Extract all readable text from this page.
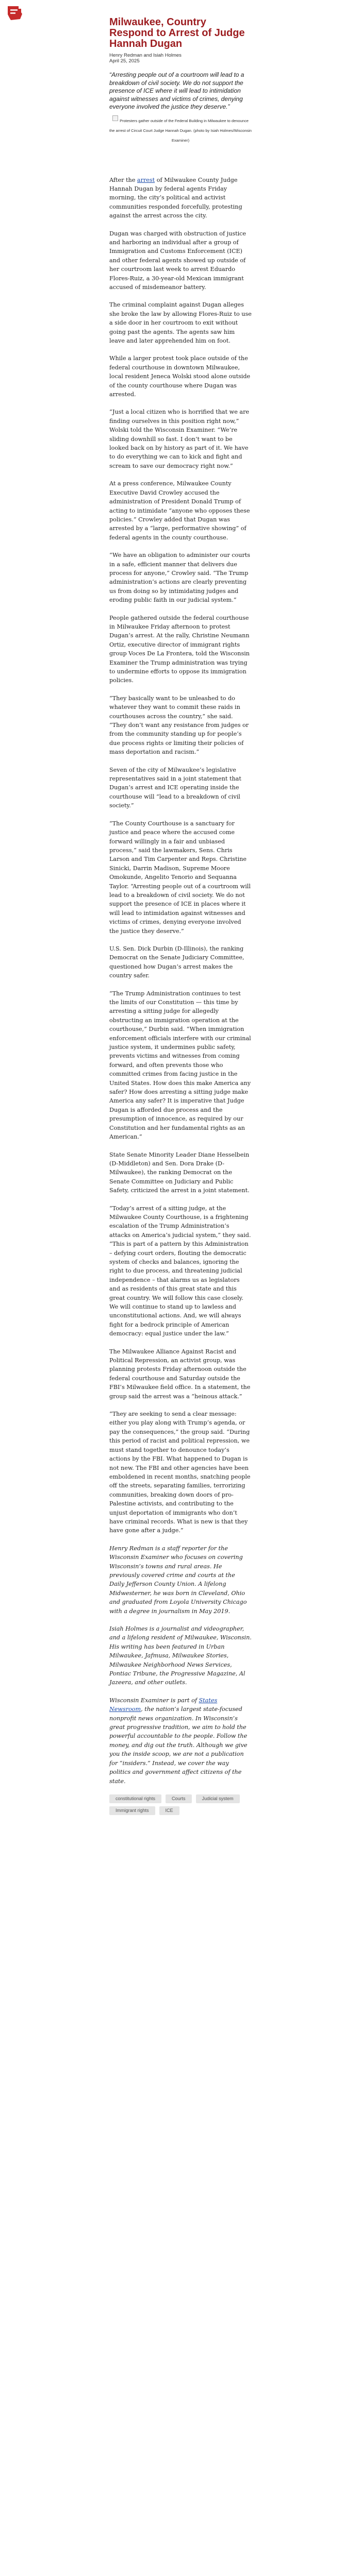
Milwaukee, Country Respond to Arrest of Judge Hannah Dugan
Henry Redman and Isiah Holmes
April 25, 2025

“Arresting people out of a courtroom will lead to a breakdown of civil society. We do not support the presence of ICE where it will lead to intimidation against witnesses and victims of crimes, denying everyone involved the justice they deserve.”

Protesters gather outside of the Federal Building in Milwaukee to denounce the arrest of Circuit Court Judge Hannah Dugan. (photo by Isiah Holmes/Wisconsin Examiner)

After the arrest of Milwaukee County Judge Hannah Dugan by federal agents Friday morning, the city’s political and activist communities responded forcefully, protesting against the arrest across the city.

Dugan was charged with obstruction of justice and harboring an individual after a group of Immigration and Customs Enforcement (ICE) and other federal agents showed up outside of her courtroom last week to arrest Eduardo Flores-Ruiz, a 30-year-old Mexican immigrant accused of misdemeanor battery.

The criminal complaint against Dugan alleges she broke the law by allowing Flores-Ruiz to use a side door in her courtroom to exit without going past the agents. The agents saw him leave and later apprehended him on foot.

While a larger protest took place outside of the federal courthouse in downtown Milwaukee, local resident Jeneca Wolski stood alone outside of the county courthouse where Dugan was arrested.

“Just a local citizen who is horrified that we are finding ourselves in this position right now,” Wolski told the Wisconsin Examiner. “We’re sliding downhill so fast. I don’t want to be looked back on by history as part of it. We have to do everything we can to kick and fight and scream to save our democracy right now.”

At a press conference, Milwaukee County Executive David Crowley accused the administration of President Donald Trump of acting to intimidate “anyone who opposes these policies.” Crowley added that Dugan was arrested by a “large, performative showing” of federal agents in the county courthouse.

“We have an obligation to administer our courts in a safe, efficient manner that delivers due process for anyone,” Crowley said. “The Trump administration’s actions are clearly preventing us from doing so by intimidating judges and eroding public faith in our judicial system.”

People gathered outside the federal courthouse in Milwaukee Friday afternoon to protest Dugan’s arrest. At the rally, Christine Neumann Ortiz, executive director of immigrant rights group Voces De La Frontera, told the Wisconsin Examiner the Trump administration was trying to undermine efforts to oppose its immigration policies.

“They basically want to be unleashed to do whatever they want to commit these raids in courthouses across the country,” she said. “They don’t want any resistance from judges or from the community standing up for people’s due process rights or limiting their policies of mass deportation and racism.”

Seven of the city of Milwaukee’s legislative representatives said in a joint statement that Dugan’s arrest and ICE operating inside the courthouse will “lead to a breakdown of civil society.”

“The County Courthouse is a sanctuary for justice and peace where the accused come forward willingly in a fair and unbiased process,” said the lawmakers, Sens. Chris Larson and Tim Carpenter and Reps. Christine Sinicki, Darrin Madison, Supreme Moore Omokunde, Angelito Tenorio and Sequanna Taylor. “Arresting people out of a courtroom will lead to a breakdown of civil society. We do not support the presence of ICE in places where it will lead to intimidation against witnesses and victims of crimes, denying everyone involved the justice they deserve.”

U.S. Sen. Dick Durbin (D-Illinois), the ranking Democrat on the Senate Judiciary Committee, questioned how Dugan’s arrest makes the country safer.

“The Trump Administration continues to test the limits of our Constitution — this time by arresting a sitting judge for allegedly obstructing an immigration operation at the courthouse,” Durbin said. “When immigration enforcement officials interfere with our criminal justice system, it undermines public safety, prevents victims and witnesses from coming forward, and often prevents those who committed crimes from facing justice in the United States. How does this make America any safer? How does arresting a sitting judge make America any safer? It is imperative that Judge Dugan is afforded due process and the presumption of innocence, as required by our Constitution and her fundamental rights as an American.”

State Senate Minority Leader Diane Hesselbein (D-Middleton) and Sen. Dora Drake (D-Milwaukee), the ranking Democrat on the Senate Committee on Judiciary and Public Safety, criticized the arrest in a joint statement.

“Today’s arrest of a sitting judge, at the Milwaukee County Courthouse, is a frightening escalation of the Trump Administration’s attacks on America’s judicial system,” they said. “This is part of a pattern by this Administration – defying court orders, flouting the democratic system of checks and balances, ignoring the right to due process, and threatening judicial independence – that alarms us as legislators and as residents of this great state and this great country. We will follow this case closely. We will continue to stand up to lawless and unconstitutional actions. And, we will always fight for a bedrock principle of American democracy: equal justice under the law.”

The Milwaukee Alliance Against Racist and Political Repression, an activist group, was planning protests Friday afternoon outside the federal courthouse and Saturday outside the FBI’s Milwaukee field office. In a statement, the group said the arrest was a “heinous attack.”

“They are seeking to send a clear message: either you play along with Trump’s agenda, or pay the consequences,” the group said. “During this period of racist and political repression, we must stand together to denounce today’s actions by the FBI. What happened to Dugan is not new. The FBI and other agencies have been emboldened in recent months, snatching people off the streets, separating families, terrorizing communities, breaking down doors of pro-Palestine activists, and contributing to the unjust deportation of immigrants who don’t have criminal records. What is new is that they have gone after a judge.”

Henry Redman is a staff reporter for the Wisconsin Examiner who focuses on covering Wisconsin’s towns and rural areas. He previously covered crime and courts at the Daily Jefferson County Union. A lifelong Midwesterner, he was born in Cleveland, Ohio and graduated from Loyola University Chicago with a degree in journalism in May 2019.

Isiah Holmes is a journalist and videographer, and a lifelong resident of Milwaukee, Wisconsin. His writing has been featured in Urban Milwaukee, Jafmusa, Milwaukee Stories, Milwaukee Neighborhood News Services, Pontiac Tribune, the Progressive Magazine, Al Jazeera, and other outlets.

Wisconsin Examiner is part of States Newsroom, the nation’s largest state-focused nonprofit news organization. In Wisconsin’s great progressive tradition, we aim to hold the powerful accountable to the people. Follow the money, and dig out the truth. Although we give you the inside scoop, we are not a publication for “insiders.” Instead, we cover the way politics and government affect citizens of the state.

constitutional rights	Courts	Judicial system
Immigrant rights	ICE
